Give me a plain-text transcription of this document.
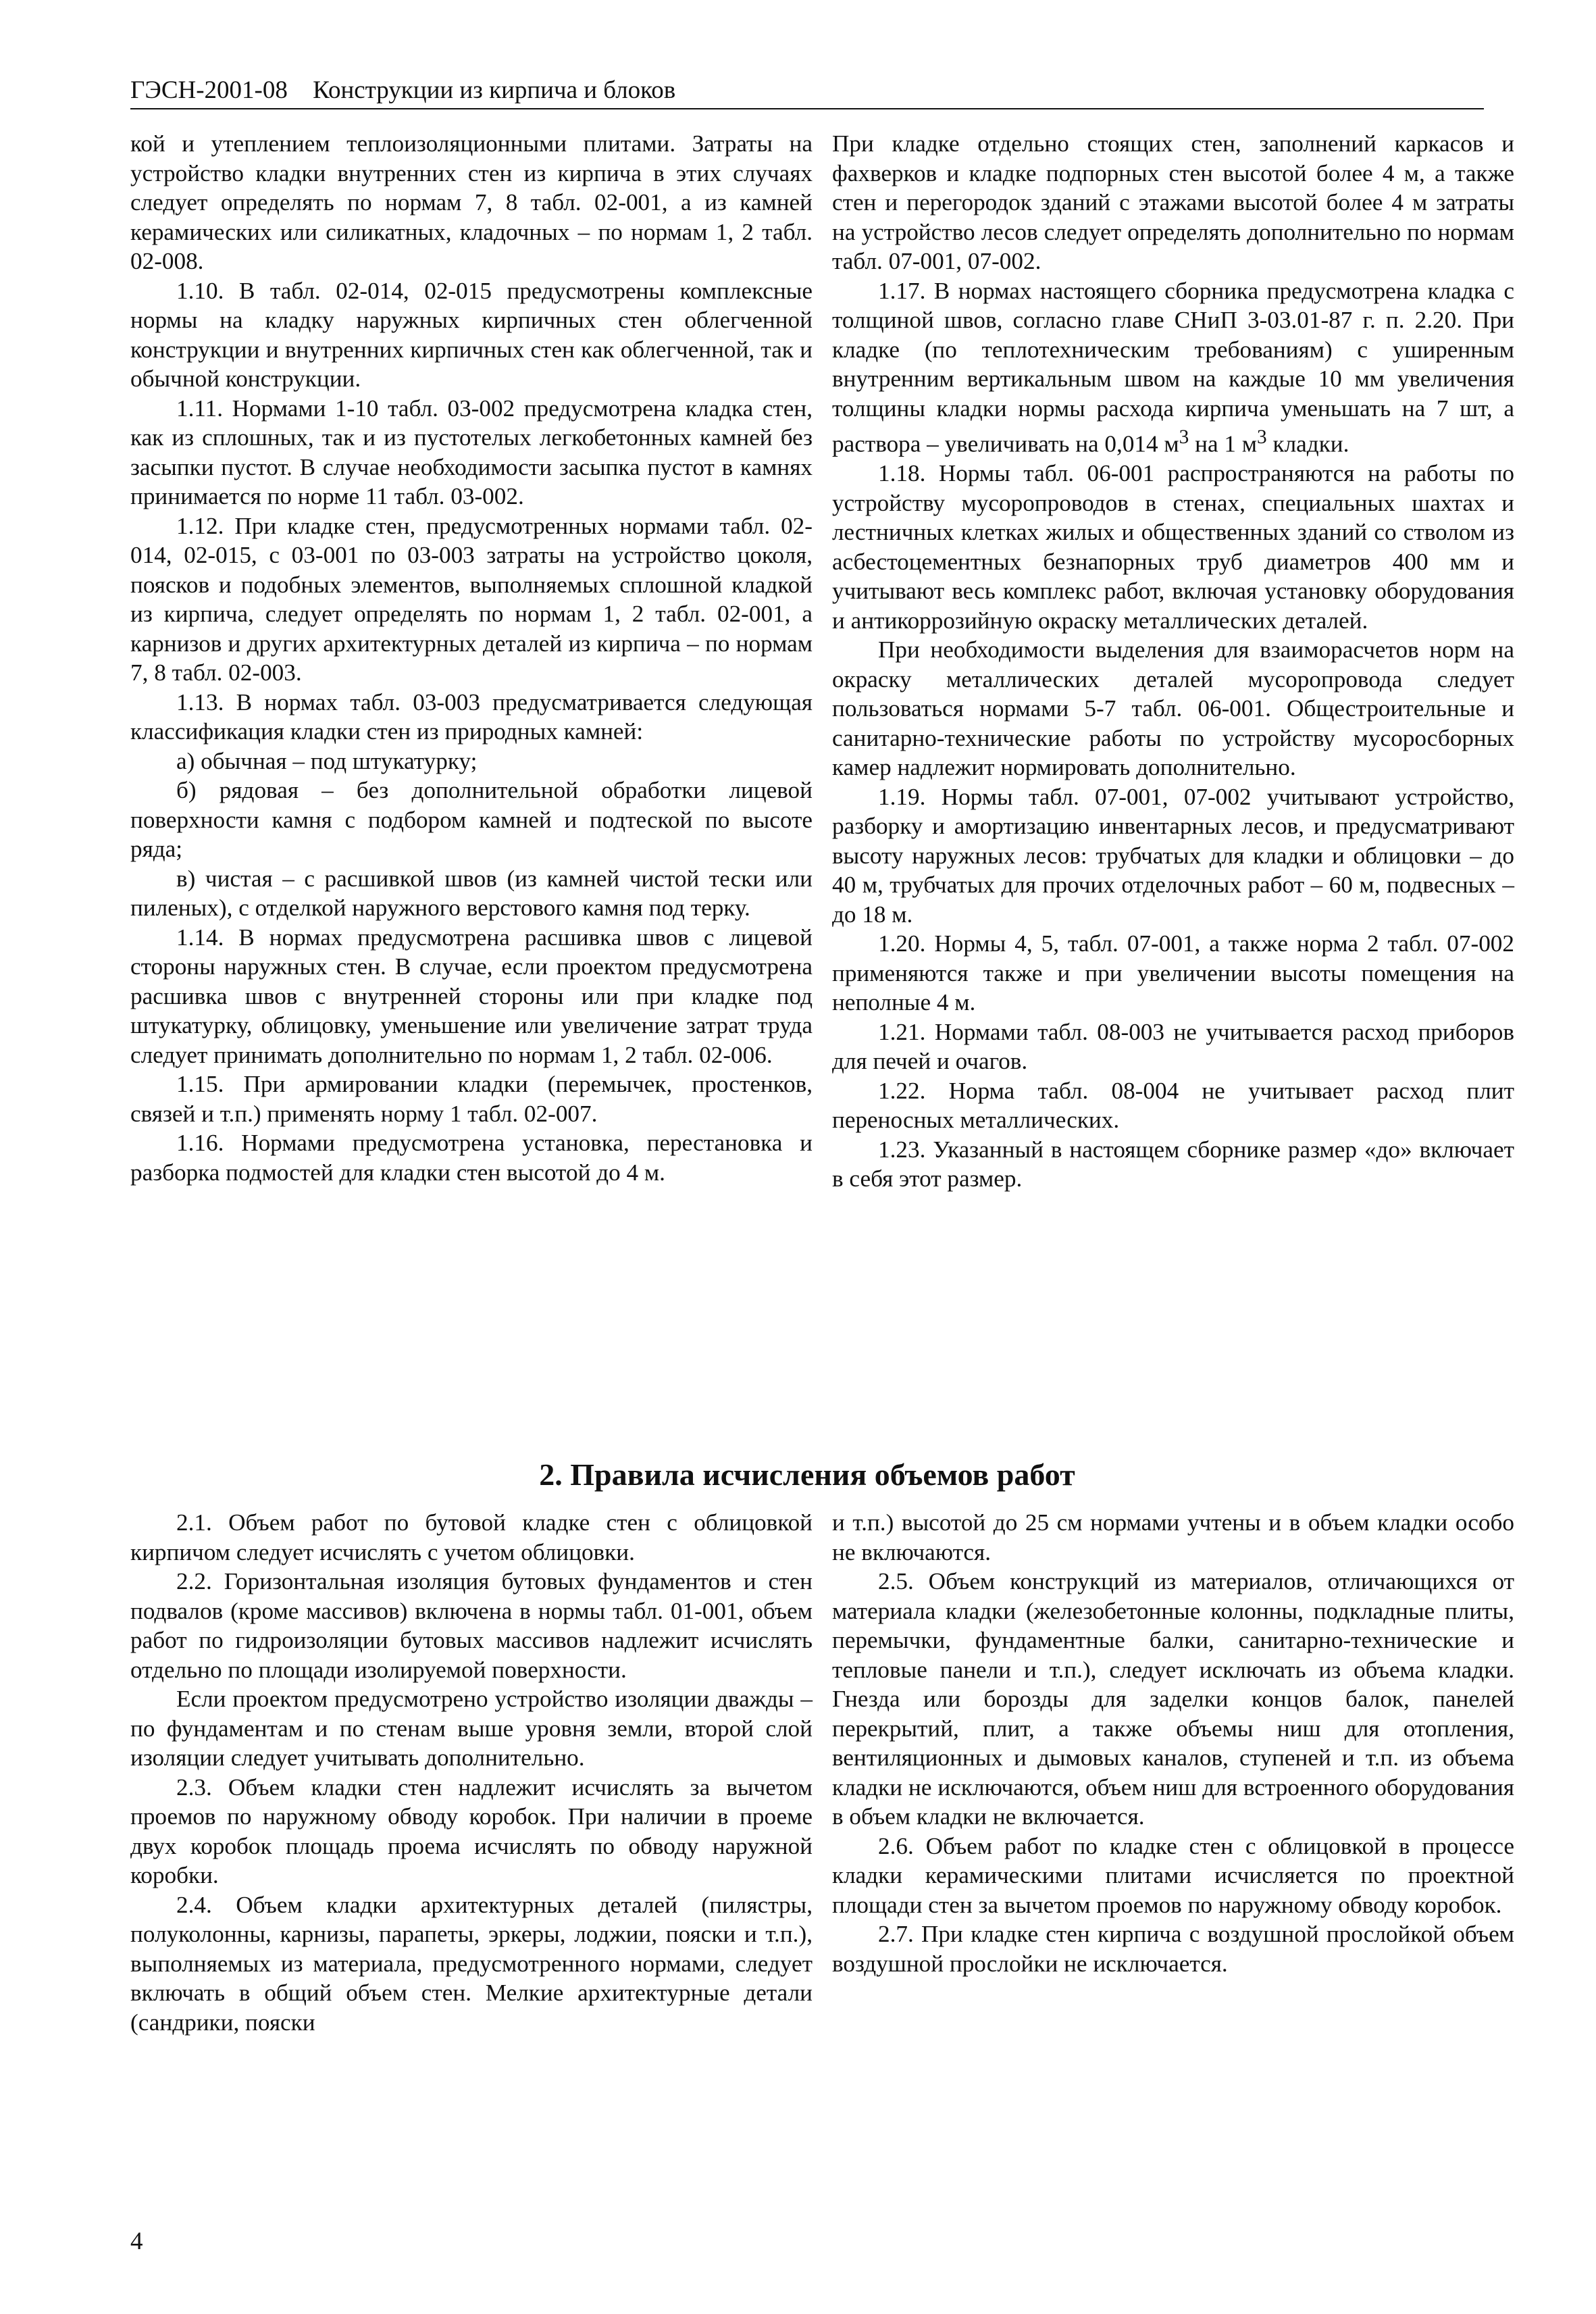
ГЭСН-2001-08 Конструкции из кирпича и блоков

кой и утеплением теплоизоляционными плитами. Затраты на устройство кладки внутренних стен из кирпича в этих случаях следует определять по нормам 7, 8 табл. 02-001, а из камней керамических или силикатных, кладочных – по нормам 1, 2 табл. 02-008.

1.10. В табл. 02-014, 02-015 предусмотрены комплексные нормы на кладку наружных кирпичных стен облегченной конструкции и внутренних кирпичных стен как облегченной, так и обычной конструкции.

1.11. Нормами 1-10 табл. 03-002 предусмотрена кладка стен, как из сплошных, так и из пустотелых легкобетонных камней без засыпки пустот. В случае необходимости засыпка пустот в камнях принимается по норме 11 табл. 03-002.

1.12. При кладке стен, предусмотренных нормами табл. 02-014, 02-015, с 03-001 по 03-003 затраты на устройство цоколя, поясков и подобных элементов, выполняемых сплошной кладкой из кирпича, следует определять по нормам 1, 2 табл. 02-001, а карнизов и других архитектурных деталей из кирпича – по нормам 7, 8 табл. 02-003.

1.13. В нормах табл. 03-003 предусматривается следующая классификация кладки стен из природных камней:

а) обычная – под штукатурку;

б) рядовая – без дополнительной обработки лицевой поверхности камня с подбором камней и подтеской по высоте ряда;

в) чистая – с расшивкой швов (из камней чистой тески или пиленых), с отделкой наружного верстового камня под терку.

1.14. В нормах предусмотрена расшивка швов с лицевой стороны наружных стен. В случае, если проектом предусмотрена расшивка швов с внутренней стороны или при кладке под штукатурку, облицовку, уменьшение или увеличение затрат труда следует принимать дополнительно по нормам 1, 2 табл. 02-006.

1.15. При армировании кладки (перемычек, простенков, связей и т.п.) применять норму 1 табл. 02-007.

1.16. Нормами предусмотрена установка, перестановка и разборка подмостей для кладки стен высотой до 4 м.

При кладке отдельно стоящих стен, заполнений каркасов и фахверков и кладке подпорных стен высотой более 4 м, а также стен и перегородок зданий с этажами высотой более 4 м затраты на устройство лесов следует определять дополнительно по нормам табл. 07-001, 07-002.

1.17. В нормах настоящего сборника предусмотрена кладка с толщиной швов, согласно главе СНиП 3-03.01-87 г. п. 2.20. При кладке (по теплотехническим требованиям) с уширенным внутренним вертикальным швом на каждые 10 мм увеличения толщины кладки нормы расхода кирпича уменьшать на 7 шт, а раствора – увеличивать на 0,014 $м^3$ на 1 $м^3$ кладки.

1.18. Нормы табл. 06-001 распространяются на работы по устройству мусоропроводов в стенах, специальных шахтах и лестничных клетках жилых и общественных зданий со стволом из асбестоцементных безнапорных труб диаметров 400 мм и учитывают весь комплекс работ, включая установку оборудования и антикоррозийную окраску металлических деталей.

При необходимости выделения для взаиморасчетов норм на окраску металлических деталей мусоропровода следует пользоваться нормами 5-7 табл. 06-001. Общестроительные и санитарно-технические работы по устройству мусоросборных камер надлежит нормировать дополнительно.

1.19. Нормы табл. 07-001, 07-002 учитывают устройство, разборку и амортизацию инвентарных лесов, и предусматривают высоту наружных лесов: трубчатых для кладки и облицовки – до 40 м, трубчатых для прочих отделочных работ – 60 м, подвесных – до 18 м.

1.20. Нормы 4, 5, табл. 07-001, а также норма 2 табл. 07-002 применяются также и при увеличении высоты помещения на неполные 4 м.

1.21. Нормами табл. 08-003 не учитывается расход приборов для печей и очагов.

1.22. Норма табл. 08-004 не учитывает расход плит переносных металлических.

1.23. Указанный в настоящем сборнике размер «до» включает в себя этот размер.

2. Правила исчисления объемов работ

2.1. Объем работ по бутовой кладке стен с облицовкой кирпичом следует исчислять с учетом облицовки.

2.2. Горизонтальная изоляция бутовых фундаментов и стен подвалов (кроме массивов) включена в нормы табл. 01-001, объем работ по гидроизоляции бутовых массивов надлежит исчислять отдельно по площади изолируемой поверхности.

Если проектом предусмотрено устройство изоляции дважды – по фундаментам и по стенам выше уровня земли, второй слой изоляции следует учитывать дополнительно.

2.3. Объем кладки стен надлежит исчислять за вычетом проемов по наружному обводу коробок. При наличии в проеме двух коробок площадь проема исчислять по обводу наружной коробки.

2.4. Объем кладки архитектурных деталей (пилястры, полуколонны, карнизы, парапеты, эркеры, лоджии, пояски и т.п.), выполняемых из материала, предусмотренного нормами, следует включать в общий объем стен. Мелкие архитектурные детали (сандрики, пояски

и т.п.) высотой до 25 см нормами учтены и в объем кладки особо не включаются.

2.5. Объем конструкций из материалов, отличающихся от материала кладки (железобетонные колонны, подкладные плиты, перемычки, фундаментные балки, санитарно-технические и тепловые панели и т.п.), следует исключать из объема кладки. Гнезда или борозды для заделки концов балок, панелей перекрытий, плит, а также объемы ниш для отопления, вентиляционных и дымовых каналов, ступеней и т.п. из объема кладки не исключаются, объем ниш для встроенного оборудования в объем кладки не включается.

2.6. Объем работ по кладке стен с облицовкой в процессе кладки керамическими плитами исчисляется по проектной площади стен за вычетом проемов по наружному обводу коробок.

2.7. При кладке стен кирпича с воздушной прослойкой объем воздушной прослойки не исключается.

4
